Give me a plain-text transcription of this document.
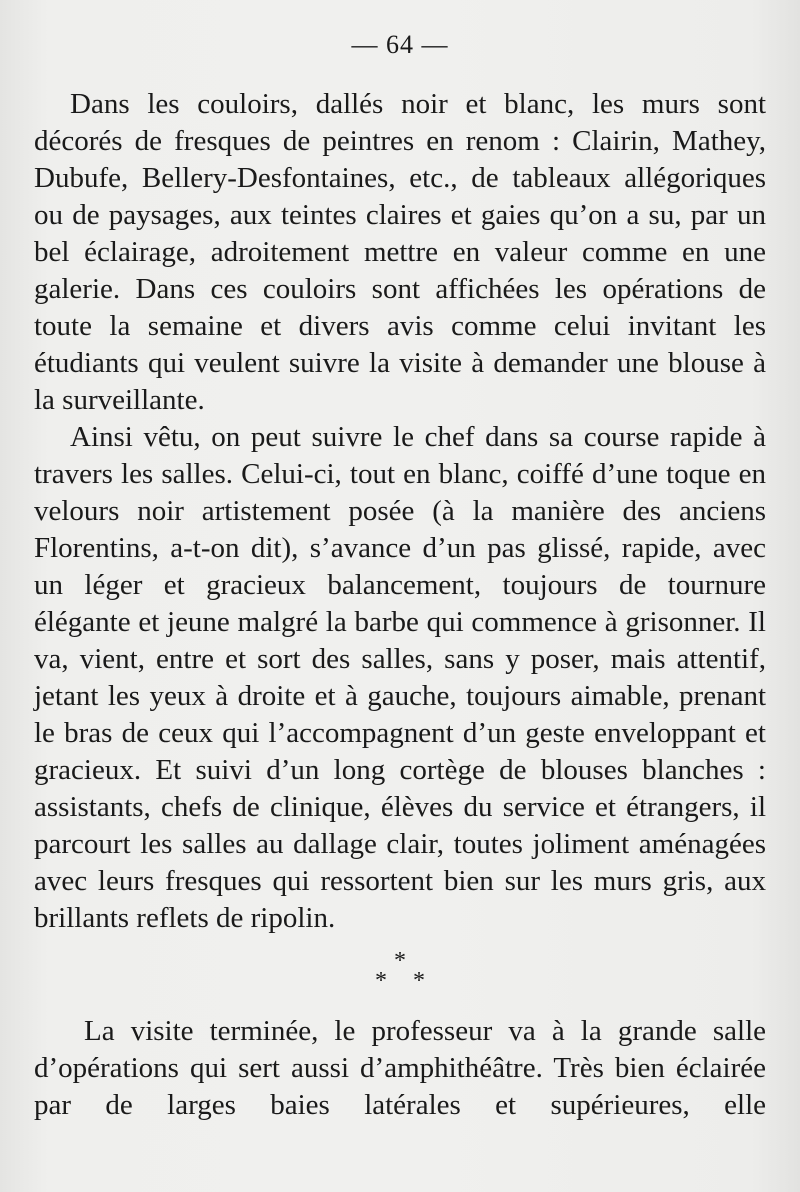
— 64 —

Dans les couloirs, dallés noir et blanc, les murs sont décorés de fresques de peintres en renom : Clairin, Mathey, Dubufe, Bellery-Desfontaines, etc., de tableaux allégoriques ou de paysages, aux teintes claires et gaies qu’on a su, par un bel éclairage, adroitement mettre en valeur comme en une galerie. Dans ces couloirs sont affichées les opérations de toute la semaine et divers avis comme celui invitant les étudiants qui veulent suivre la visite à demander une blouse à la surveillante.

Ainsi vêtu, on peut suivre le chef dans sa course rapide à travers les salles. Celui-ci, tout en blanc, coiffé d’une toque en velours noir artistement posée (à la manière des anciens Florentins, a-t-on dit), s’avance d’un pas glissé, rapide, avec un léger et gracieux balancement, toujours de tournure élégante et jeune malgré la barbe qui commence à grisonner. Il va, vient, entre et sort des salles, sans y poser, mais attentif, jetant les yeux à droite et à gauche, toujours aimable, prenant le bras de ceux qui l’accompagnent d’un geste enveloppant et gracieux. Et suivi d’un long cortège de blouses blanches : assistants, chefs de clinique, élèves du service et étrangers, il parcourt les salles au dallage clair, toutes joliment aménagées avec leurs fresques qui ressortent bien sur les murs gris, aux brillants reflets de ripolin.

*
* *

La visite terminée, le professeur va à la grande salle d’opérations qui sert aussi d’amphithéâtre. Très bien éclairée par de larges baies latérales et supérieures, elle
